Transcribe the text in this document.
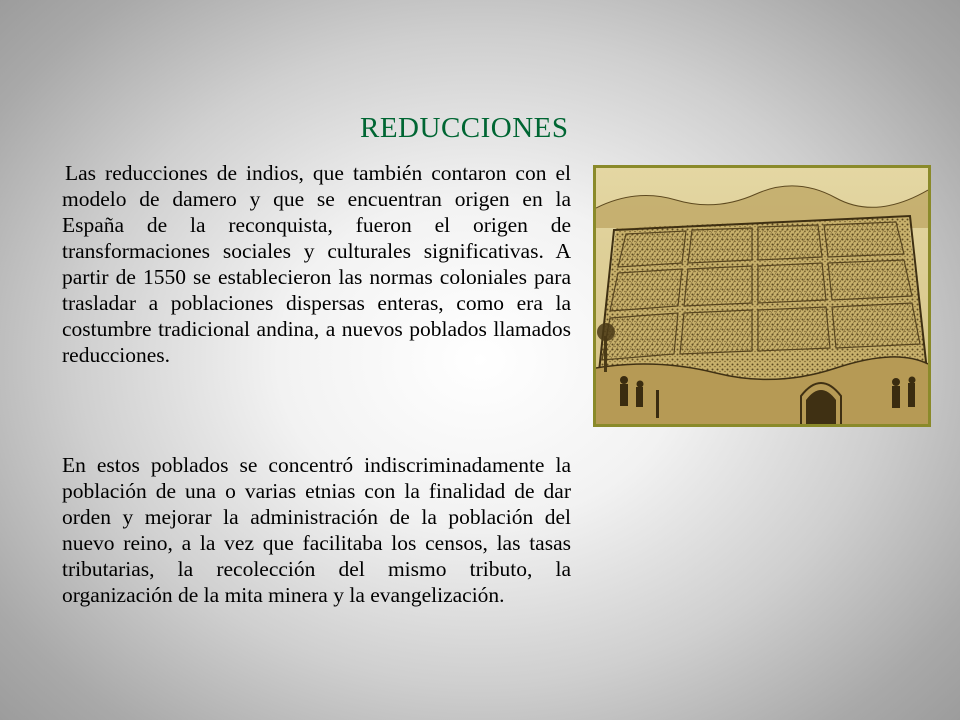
REDUCCIONES

Las reducciones de indios, que también contaron con el modelo de damero y que se encuentran origen en la España de la reconquista, fueron el origen de transformaciones sociales y culturales significativas. A partir de 1550 se establecieron las normas coloniales para trasladar a poblaciones dispersas enteras, como era la costumbre tradicional andina, a nuevos poblados llamados reducciones.

En estos poblados se concentró indiscriminadamente la población de una o varias etnias con la finalidad de dar orden y mejorar la administración de la población del nuevo reino, a la vez que facilitaba los censos, las tasas tributarias, la recolección del mismo tributo, la organización de la mita minera y la evangelización.
